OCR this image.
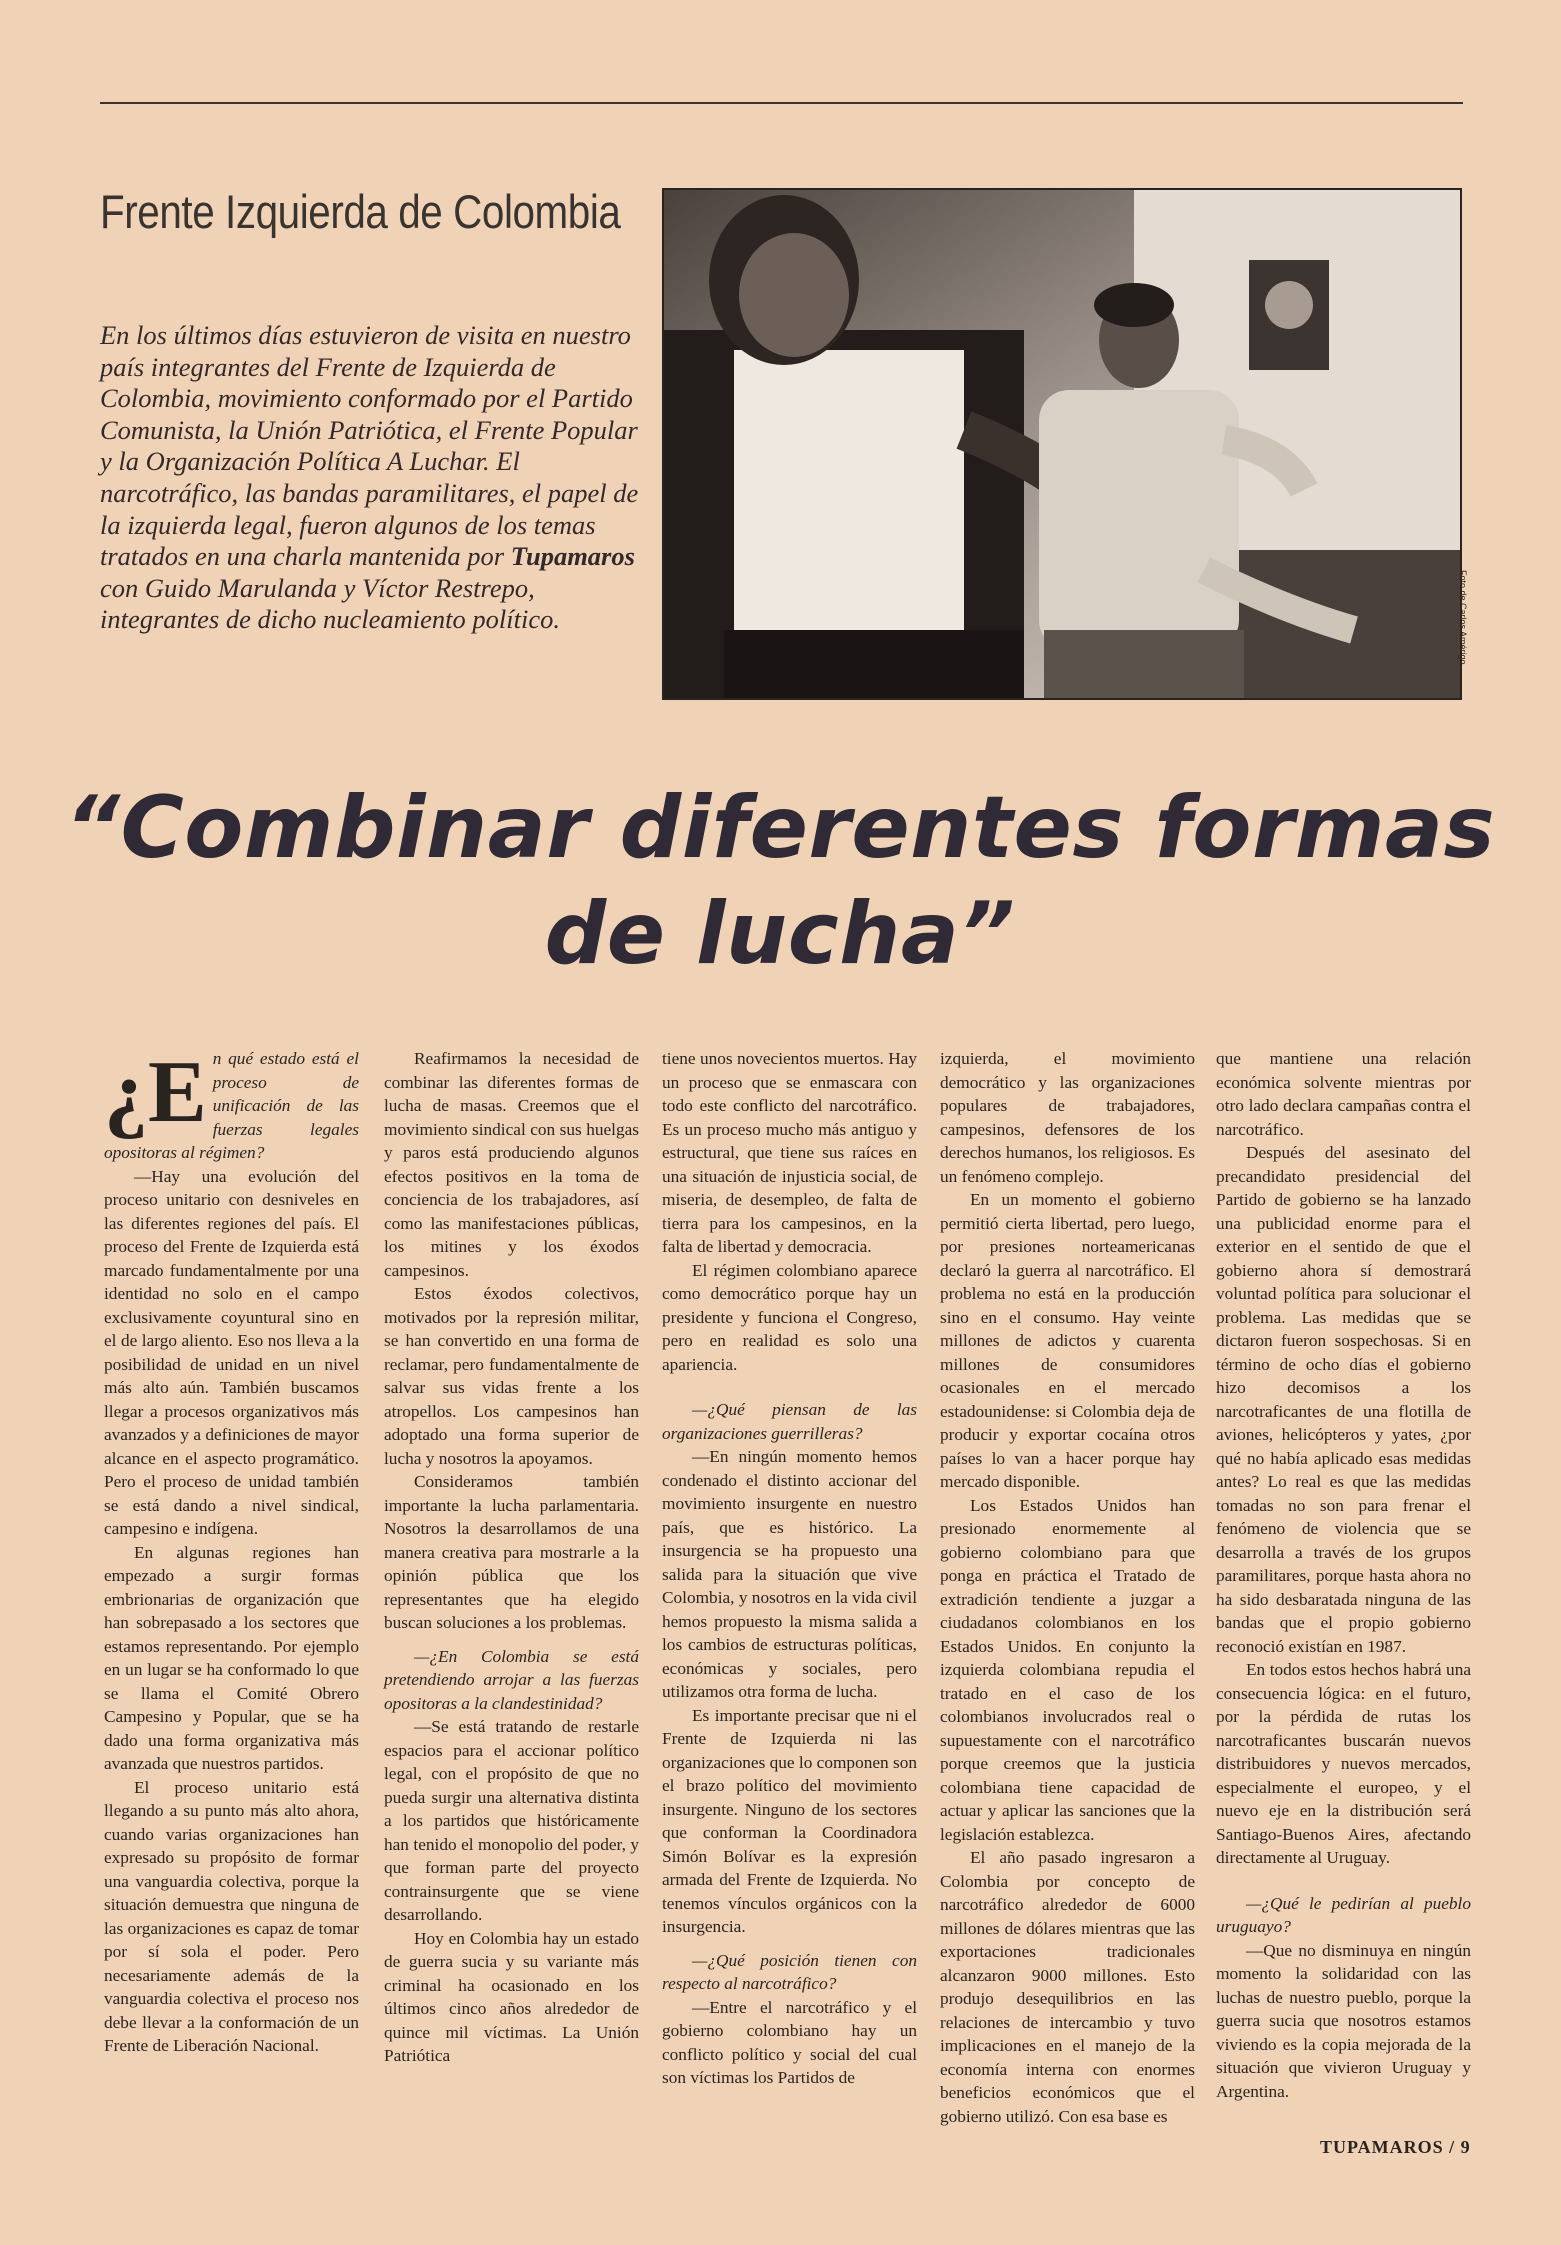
Frente Izquierda de Colombia
En los últimos días estuvieron de visita en nuestro país integrantes del Frente de Izquierda de Colombia, movimiento conformado por el Partido Comunista, la Unión Patriótica, el Frente Popular y la Organización Política A Luchar. El narcotráfico, las bandas paramilitares, el papel de la izquierda legal, fueron algunos de los temas tratados en una charla mantenida por Tupamaros con Guido Marulanda y Víctor Restrepo, integrantes de dicho nucleamiento político.	Foto de Carlos Amérigo
“Combinar diferentes formas
de lucha”
¿E n qué estado está el proceso de unificación de las fuerzas legales opositoras al régimen?

—Hay una evolución del proceso unitario con desniveles en las diferentes regiones del país. El proceso del Frente de Izquierda está marcado fundamentalmente por una identidad no solo en el campo exclusivamente coyuntural sino en el de largo aliento. Eso nos lleva a la posibilidad de unidad en un nivel más alto aún. También buscamos llegar a procesos organizativos más avanzados y a definiciones de mayor alcance en el aspecto programático. Pero el proceso de unidad también se está dando a nivel sindical, campesino e indígena.

En algunas regiones han empezado a surgir formas embrionarias de organización que han sobrepasado a los sectores que estamos representando. Por ejemplo en un lugar se ha conformado lo que se llama el Comité Obrero Campesino y Popular, que se ha dado una forma organizativa más avanzada que nuestros partidos.

El proceso unitario está llegando a su punto más alto ahora, cuando varias organizaciones han expresado su propósito de formar una vanguardia colectiva, porque la situación demuestra que ninguna de las organizaciones es capaz de tomar por sí sola el poder. Pero necesariamente además de la vanguardia colectiva el proceso nos debe llevar a la conformación de un Frente de Liberación Nacional.

Reafirmamos la necesidad de combinar las diferentes formas de lucha de masas. Creemos que el movimiento sindical con sus huelgas y paros está produciendo algunos efectos positivos en la toma de conciencia de los trabajadores, así como las manifestaciones públicas, los mitines y los éxodos campesinos.

Estos éxodos colectivos, motivados por la represión militar, se han convertido en una forma de reclamar, pero fundamentalmente de salvar sus vidas frente a los atropellos. Los campesinos han adoptado una forma superior de lucha y nosotros la apoyamos.

Consideramos también importante la lucha parlamentaria. Nosotros la desarrollamos de una manera creativa para mostrarle a la opinión pública que los representantes que ha elegido buscan soluciones a los problemas.

—¿En Colombia se está pretendiendo arrojar a las fuerzas opositoras a la clandestinidad?

—Se está tratando de restarle espacios para el accionar político legal, con el propósito de que no pueda surgir una alternativa distinta a los partidos que históricamente han tenido el monopolio del poder, y que forman parte del proyecto contrainsurgente que se viene desarrollando.

Hoy en Colombia hay un estado de guerra sucia y su variante más criminal ha ocasionado en los últimos cinco años alrededor de quince mil víctimas. La Unión Patriótica

tiene unos novecientos muertos. Hay un proceso que se enmascara con todo este conflicto del narcotráfico. Es un proceso mucho más antiguo y estructural, que tiene sus raíces en una situación de injusticia social, de miseria, de desempleo, de falta de tierra para los campesinos, en la falta de libertad y democracia.

El régimen colombiano aparece como democrático porque hay un presidente y funciona el Congreso, pero en realidad es solo una apariencia.

—¿Qué piensan de las organizaciones guerrilleras?

—En ningún momento hemos condenado el distinto accionar del movimiento insurgente en nuestro país, que es histórico. La insurgencia se ha propuesto una salida para la situación que vive Colombia, y nosotros en la vida civil hemos propuesto la misma salida a los cambios de estructuras políticas, económicas y sociales, pero utilizamos otra forma de lucha.

Es importante precisar que ni el Frente de Izquierda ni las organizaciones que lo componen son el brazo político del movimiento insurgente. Ninguno de los sectores que conforman la Coordinadora Simón Bolívar es la expresión armada del Frente de Izquierda. No tenemos vínculos orgánicos con la insurgencia.

—¿Qué posición tienen con respecto al narcotráfico?

—Entre el narcotráfico y el gobierno colombiano hay un conflicto político y social del cual son víctimas los Partidos de

izquierda, el movimiento democrático y las organizaciones populares de trabajadores, campesinos, defensores de los derechos humanos, los religiosos. Es un fenómeno complejo.

En un momento el gobierno permitió cierta libertad, pero luego, por presiones norteamericanas declaró la guerra al narcotráfico. El problema no está en la producción sino en el consumo. Hay veinte millones de adictos y cuarenta millones de consumidores ocasionales en el mercado estadounidense: si Colombia deja de producir y exportar cocaína otros países lo van a hacer porque hay mercado disponible.

Los Estados Unidos han presionado enormemente al gobierno colombiano para que ponga en práctica el Tratado de extradición tendiente a juzgar a ciudadanos colombianos en los Estados Unidos. En conjunto la izquierda colombiana repudia el tratado en el caso de los colombianos involucrados real o supuestamente con el narcotráfico porque creemos que la justicia colombiana tiene capacidad de actuar y aplicar las sanciones que la legislación establezca.

El año pasado ingresaron a Colombia por concepto de narcotráfico alrededor de 6000 millones de dólares mientras que las exportaciones tradicionales alcanzaron 9000 millones. Esto produjo desequilibrios en las relaciones de intercambio y tuvo implicaciones en el manejo de la economía interna con enormes beneficios económicos que el gobierno utilizó. Con esa base es

que mantiene una relación económica solvente mientras por otro lado declara campañas contra el narcotráfico.

Después del asesinato del precandidato presidencial del Partido de gobierno se ha lanzado una publicidad enorme para el exterior en el sentido de que el gobierno ahora sí demostrará voluntad política para solucionar el problema. Las medidas que se dictaron fueron sospechosas. Si en término de ocho días el gobierno hizo decomisos a los narcotraficantes de una flotilla de aviones, helicópteros y yates, ¿por qué no había aplicado esas medidas antes? Lo real es que las medidas tomadas no son para frenar el fenómeno de violencia que se desarrolla a través de los grupos paramilitares, porque hasta ahora no ha sido desbaratada ninguna de las bandas que el propio gobierno reconoció existían en 1987.

En todos estos hechos habrá una consecuencia lógica: en el futuro, por la pérdida de rutas los narcotraficantes buscarán nuevos distribuidores y nuevos mercados, especialmente el europeo, y el nuevo eje en la distribución será Santiago-Buenos Aires, afectando directamente al Uruguay.

—¿Qué le pedirían al pueblo uruguayo?

—Que no disminuya en ningún momento la solidaridad con las luchas de nuestro pueblo, porque la guerra sucia que nosotros estamos viviendo es la copia mejorada de la situación que vivieron Uruguay y Argentina.

TUPAMAROS / 9
